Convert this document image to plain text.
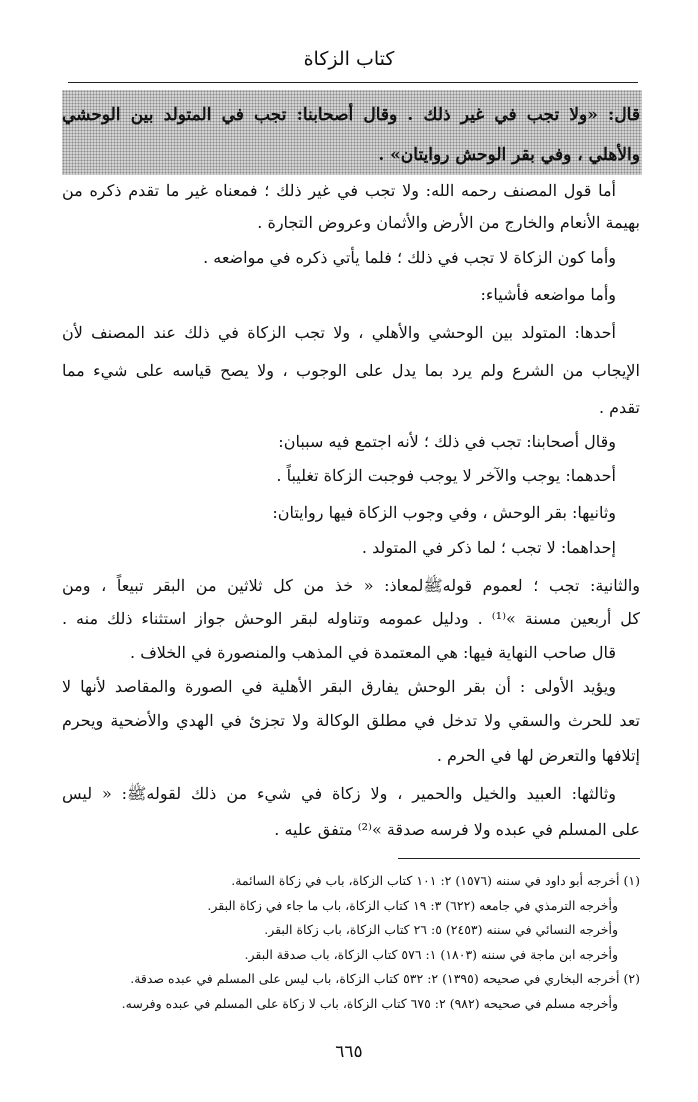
كتاب الزكاة
قال: «ولا تجب في غير ذلك . وقال أصحابنا: تجب في المتولد بين الوحشي
والأهلي ، وفي بقر الوحش روايتان» .
أما قول المصنف رحمه الله: ولا تجب في غير ذلك ؛ فمعناه غير ما تقدم ذكره من
بهيمة الأنعام والخارج من الأرض والأثمان وعروض التجارة .
وأما كون الزكاة لا تجب في ذلك ؛ فلما يأتي ذكره في مواضعه .
وأما مواضعه فأشياء:
أحدها: المتولد بين الوحشي والأهلي ، ولا تجب الزكاة في ذلك عند المصنف لأن
الإيجاب من الشرع ولم يرد بما يدل على الوجوب ، ولا يصح قياسه على شيء مما
تقدم .
وقال أصحابنا: تجب في ذلك ؛ لأنه اجتمع فيه سببان:
أحدهما: يوجب والآخر لا يوجب فوجبت الزكاة تغليباً .
وثانيها: بقر الوحش ، وفي وجوب الزكاة فيها روايتان:
إحداهما: لا تجب ؛ لما ذكر في المتولد .
والثانية: تجب ؛ لعموم قولهﷺلمعاذ: « خذ من كل ثلاثين من البقر تبيعاً ، ومن
كل أربعين مسنة »⁽¹⁾ . ودليل عمومه وتناوله لبقر الوحش جواز استثناء ذلك منه .
قال صاحب النهاية فيها: هي المعتمدة في المذهب والمنصورة في الخلاف .
ويؤيد الأولى : أن بقر الوحش يفارق البقر الأهلية في الصورة والمقاصد لأنها لا
تعد للحرث والسقي ولا تدخل في مطلق الوكالة ولا تجزئ في الهدي والأضحية ويحرم
إتلافها والتعرض لها في الحرم .
وثالثها: العبيد والخيل والحمير ، ولا زكاة في شيء من ذلك لقولهﷺ: « ليس
على المسلم في عبده ولا فرسه صدقة »⁽²⁾ متفق عليه .
(١) أخرجه أبو داود في سننه (١٥٧٦) ٢: ١٠١ كتاب الزكاة، باب في زكاة السائمة.
وأخرجه الترمذي في جامعه (٦٢٢) ٣: ١٩ كتاب الزكاة، باب ما جاء في زكاة البقر.
وأخرجه النسائي في سننه (٢٤٥٣) ٥: ٢٦ كتاب الزكاة، باب زكاة البقر.
وأخرجه ابن ماجة في سننه (١٨٠٣) ١: ٥٧٦ كتاب الزكاة، باب صدقة البقر.
(٢) أخرجه البخاري في صحيحه (١٣٩٥) ٢: ٥٣٢ كتاب الزكاة، باب ليس على المسلم في عبده صدقة.
وأخرجه مسلم في صحيحه (٩٨٢) ٢: ٦٧٥ كتاب الزكاة، باب لا زكاة على المسلم في عبده وفرسه.
٦٦٥
